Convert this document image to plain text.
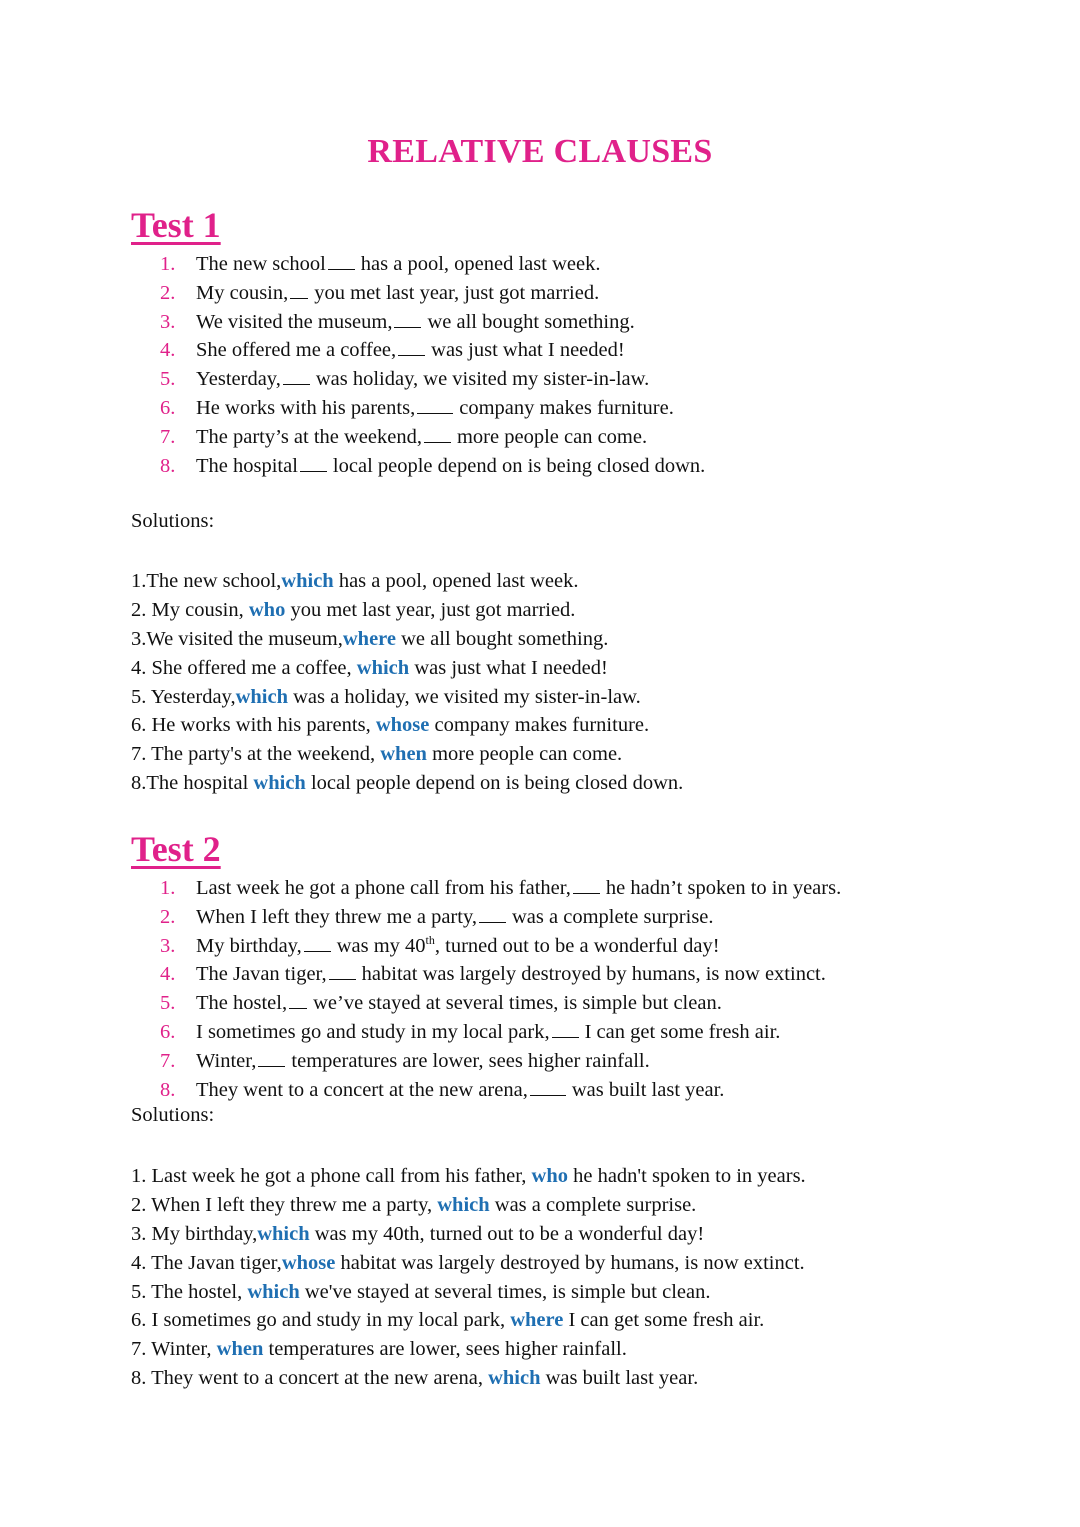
RELATIVE CLAUSES
Test 1
1.	The new school has a pool, opened last week.
2.	My cousin, you met last year, just got married.
3.	We visited the museum, we all bought something.
4.	She offered me a coffee, was just what I needed!
5.	Yesterday, was holiday, we visited my sister-in-law.
6.	He works with his parents, company makes furniture.
7.	The party’s at the weekend, more people can come.
8.	The hospital local people depend on is being closed down.

Solutions:

1.The new school,which has a pool, opened last week.
2. My cousin, who you met last year, just got married.
3.We visited the museum,where we all bought something.
4. She offered me a coffee, which was just what I needed!
5. Yesterday,which was a holiday, we visited my sister-in-law.
6. He works with his parents, whose company makes furniture.
7. The party's at the weekend, when more people can come.
8.The hospital which local people depend on is being closed down.
Test 2
1.	Last week he got a phone call from his father, he hadn’t spoken to in years.
2.	When I left they threw me a party, was a complete surprise.
3.	My birthday, was my 40th, turned out to be a wonderful day!
4.	The Javan tiger, habitat was largely destroyed by humans, is now extinct.
5.	The hostel, we’ve stayed at several times, is simple but clean.
6.	I sometimes go and study in my local park, I can get some fresh air.
7.	Winter, temperatures are lower, sees higher rainfall.
8.	They went to a concert at the new arena, was built last year.

Solutions:

1. Last week he got a phone call from his father, who he hadn't spoken to in years.
2. When I left they threw me a party, which was a complete surprise.
3. My birthday,which was my 40th, turned out to be a wonderful day!
4. The Javan tiger,whose habitat was largely destroyed by humans, is now extinct.
5. The hostel, which we've stayed at several times, is simple but clean.
6. I sometimes go and study in my local park, where I can get some fresh air.
7. Winter, when temperatures are lower, sees higher rainfall.
8. They went to a concert at the new arena, which was built last year.
